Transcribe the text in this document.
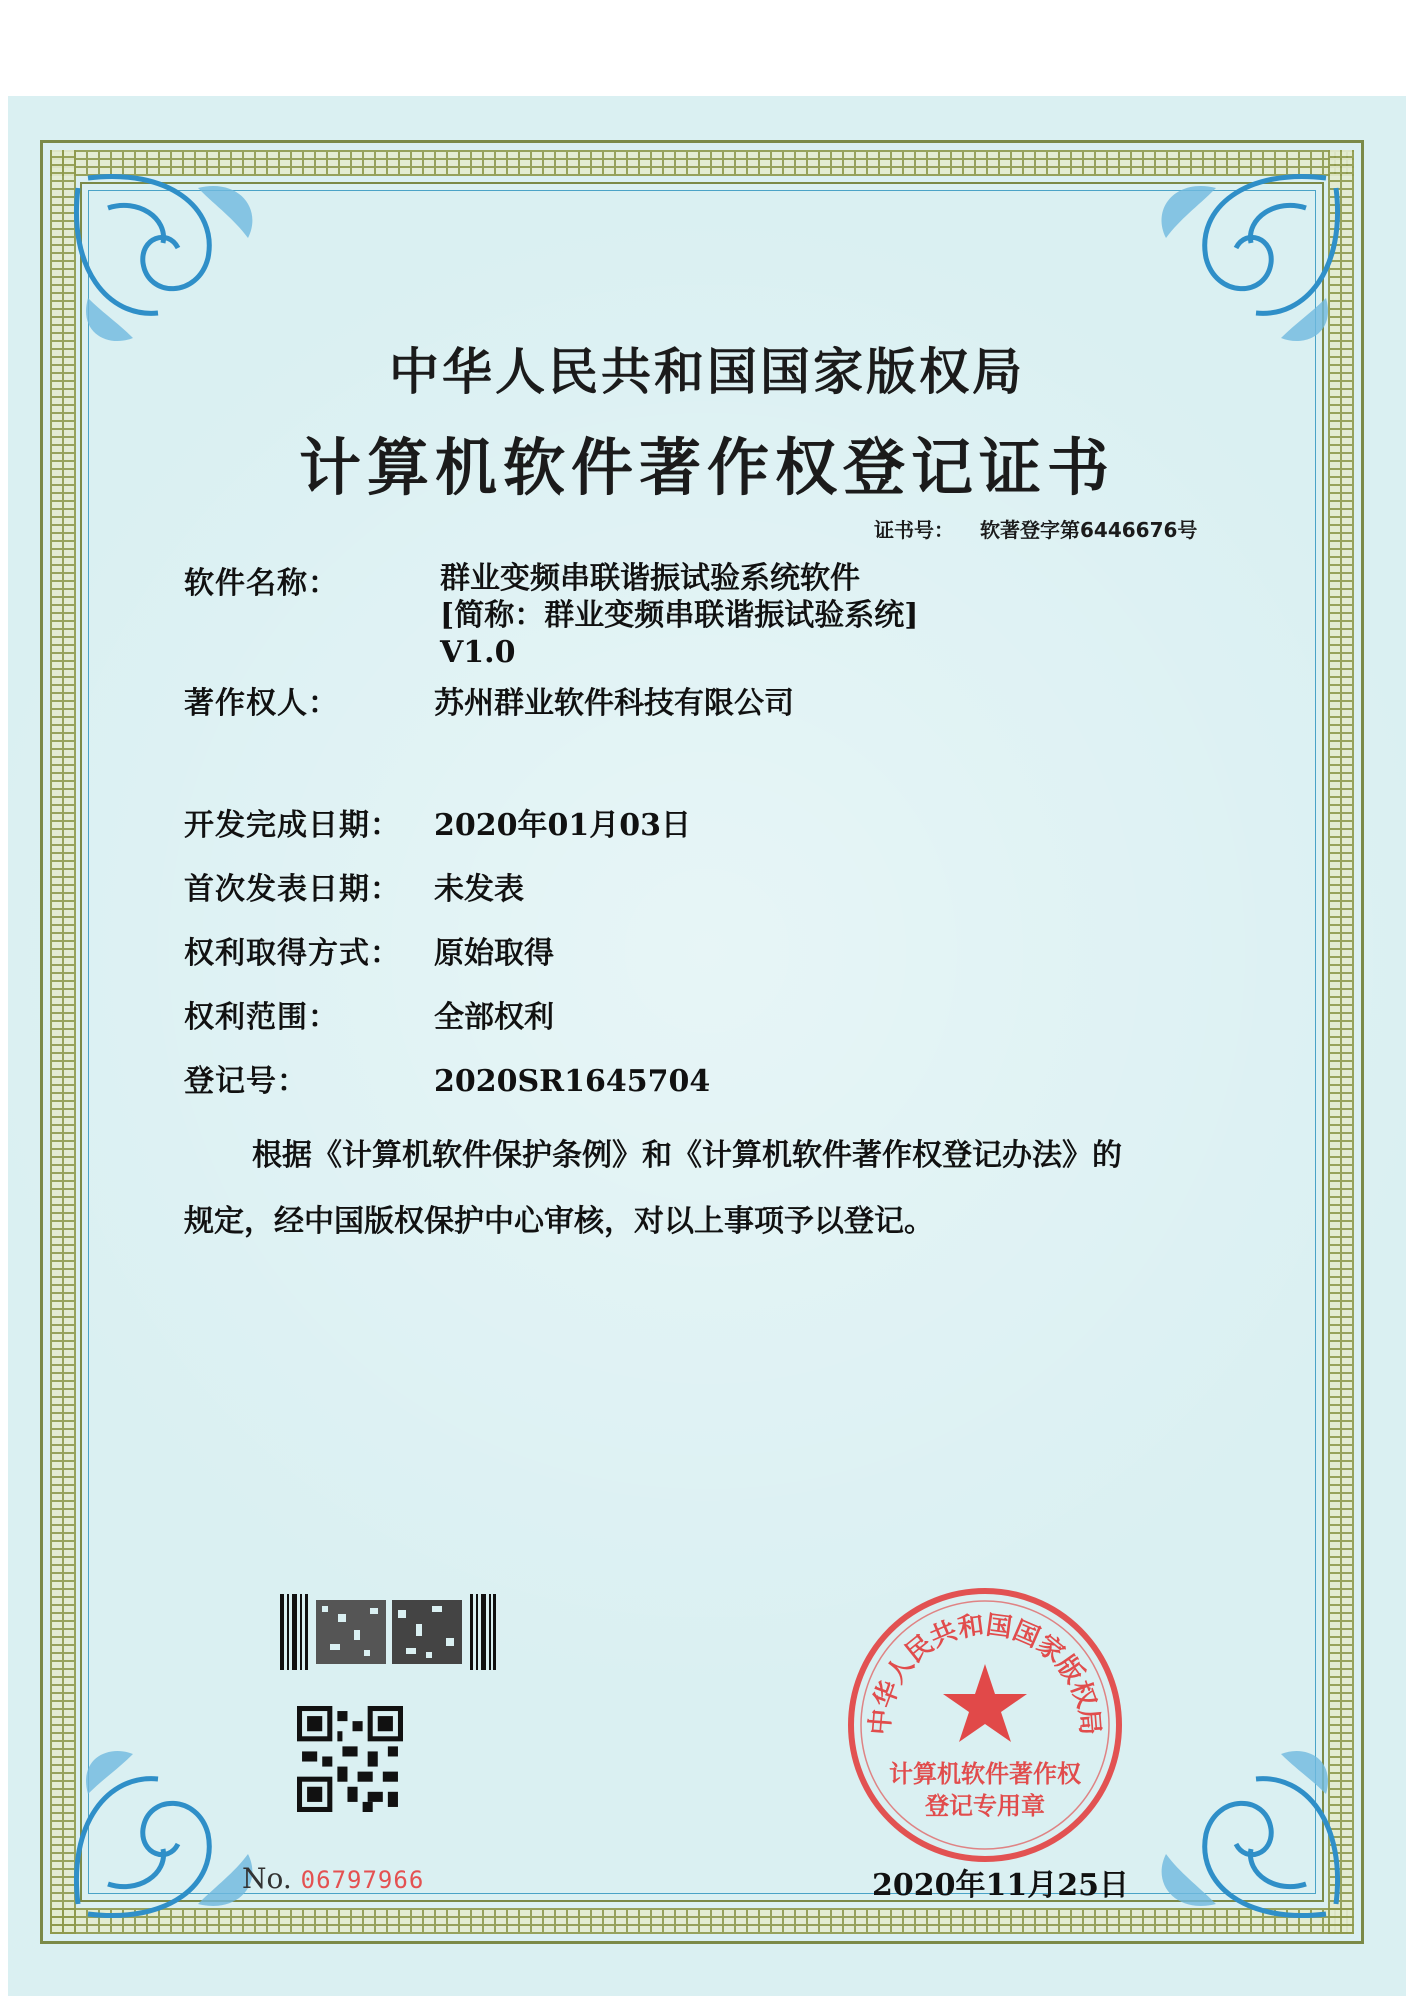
中华人民共和国国家版权局
计算机软件著作权登记证书
证书号： 软著登字第6446676号
软件名称：	群业变频串联谐振试验系统软件
[简称：群业变频串联谐振试验系统]
V1.0
著作权人：	苏州群业软件科技有限公司
开发完成日期： 2020年01月03日
首次发表日期： 未发表
权利取得方式： 原始取得
权利范围：	全部权利
登记号：	2020SR1645704
根据《计算机软件保护条例》和《计算机软件著作权登记办法》的
规定，经中国版权保护中心审核，对以上事项予以登记。
No. 06797966
中华人民共和国国家版权局
计算机软件著作权
登记专用章
2020年11月25日
